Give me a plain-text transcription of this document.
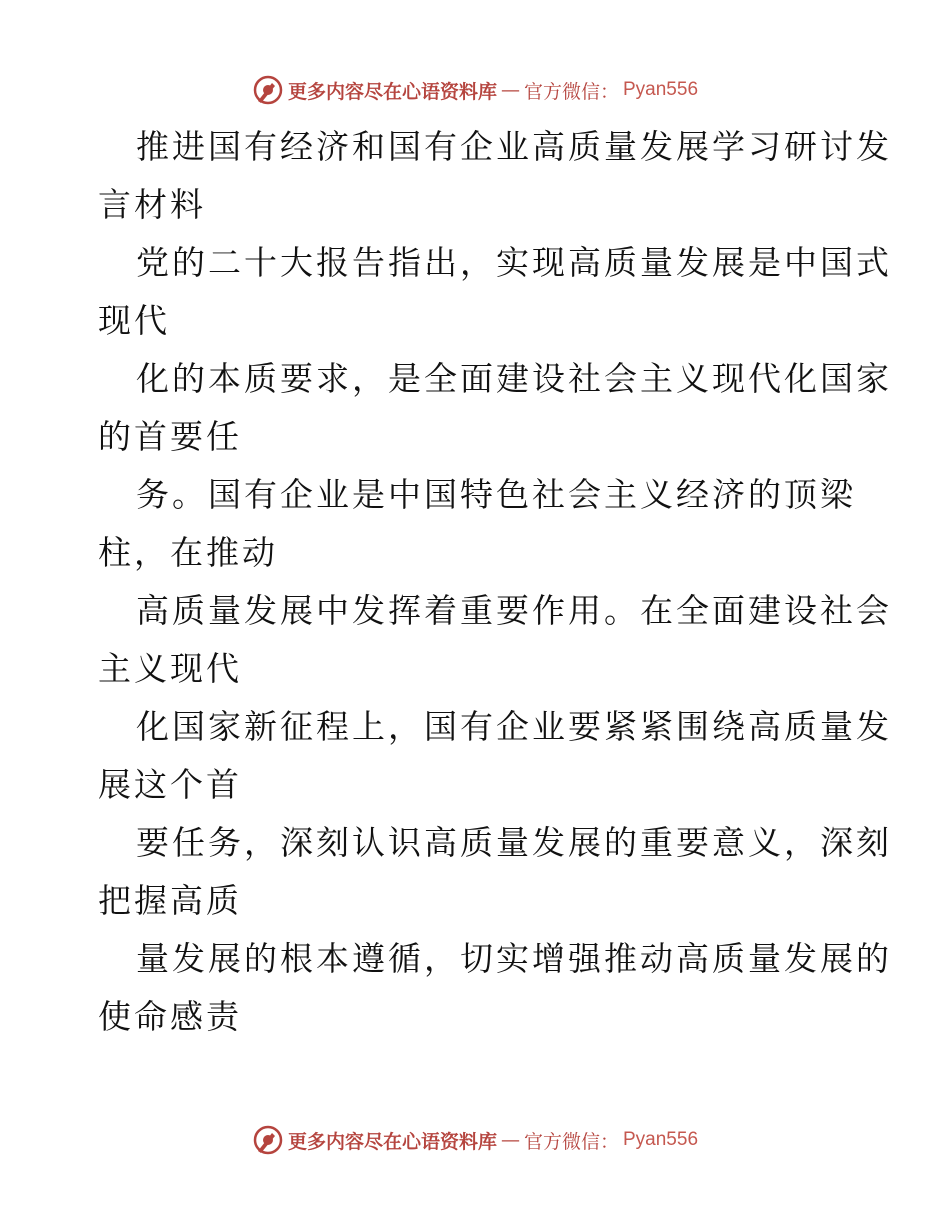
更多内容尽在心语资料库 — 官方微信： Pyan556
推进国有经济和国有企业高质量发展学习研讨发
言材料
党的二十大报告指出，实现高质量发展是中国式
现代
化的本质要求，是全面建设社会主义现代化国家
的首要任
务。国有企业是中国特色社会主义经济的顶梁
柱，在推动
高质量发展中发挥着重要作用。在全面建设社会
主义现代
化国家新征程上，国有企业要紧紧围绕高质量发
展这个首
要任务，深刻认识高质量发展的重要意义，深刻
把握高质
量发展的根本遵循，切实增强推动高质量发展的
使命感责
更多内容尽在心语资料库 — 官方微信： Pyan556
